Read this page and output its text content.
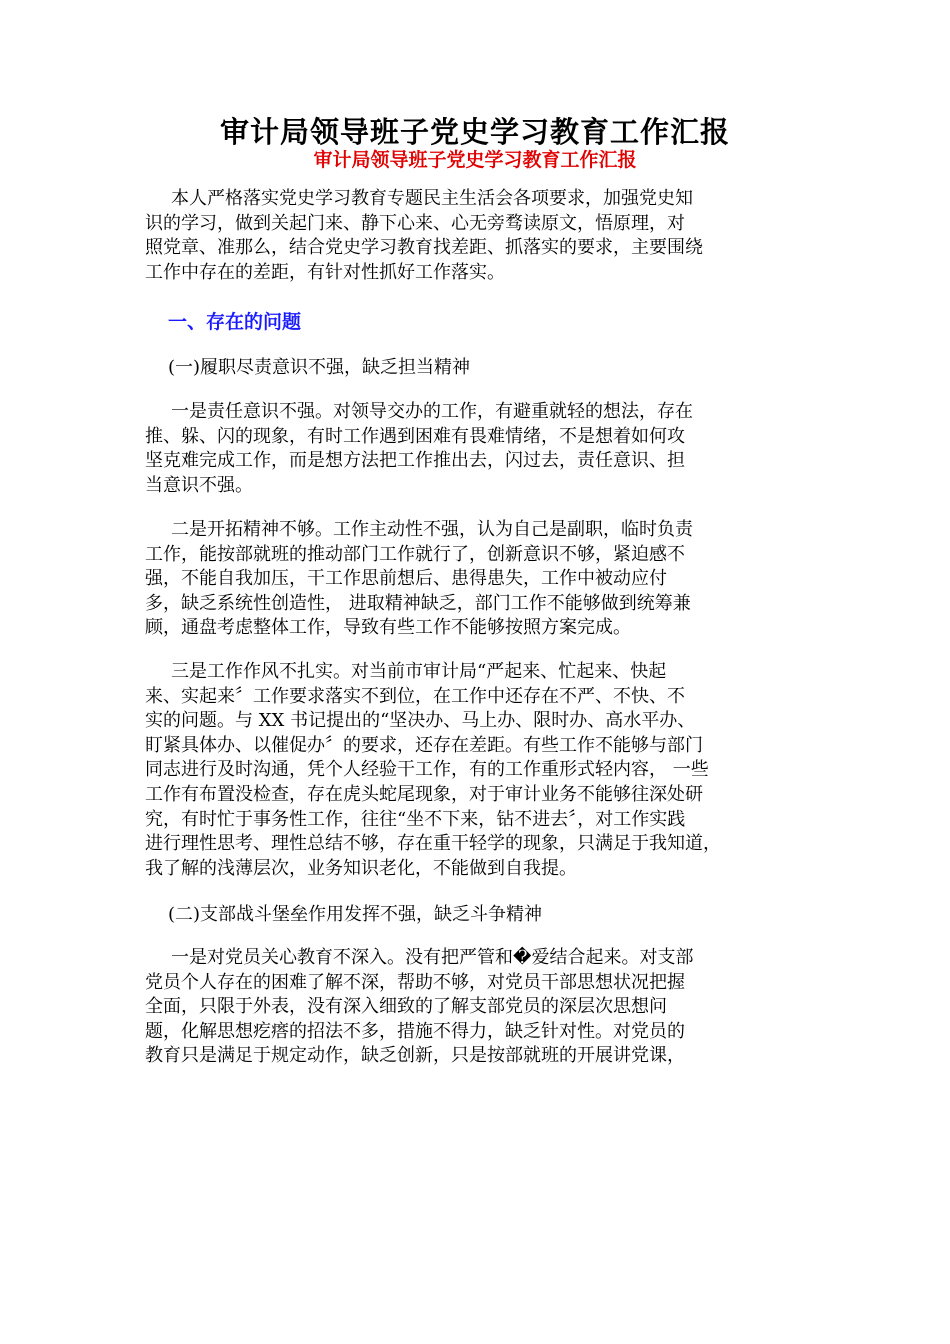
审计局领导班子党史学习教育工作汇报
审计局领导班子党史学习教育工作汇报
本人严格落实党史学习教育专题民主生活会各项要求，加强党史知
识的学习，做到关起门来、静下心来、心无旁骛读原文，悟原理，对
照党章、准那么，结合党史学习教育找差距、抓落实的要求，主要围绕
工作中存在的差距，有针对性抓好工作落实。
一、存在的问题
(一)履职尽责意识不强，缺乏担当精神
一是责任意识不强。对领导交办的工作，有避重就轻的想法，存在
推、躲、闪的现象，有时工作遇到困难有畏难情绪，不是想着如何攻
坚克难完成工作，而是想方法把工作推出去，闪过去，责任意识、担
当意识不强。
二是开拓精神不够。工作主动性不强，认为自己是副职，临时负责
工作，能按部就班的推动部门工作就行了，创新意识不够，紧迫感不
强，不能自我加压，干工作思前想后、患得患失，工作中被动应付
多，缺乏系统性创造性， 进取精神缺乏，部门工作不能够做到统筹兼
顾，通盘考虑整体工作，导致有些工作不能够按照方案完成。
三是工作作风不扎实。对当前市审计局“严起来、忙起来、快起
来、实起来〞工作要求落实不到位，在工作中还存在不严、不快、不
实的问题。与 XX 书记提出的“坚决办、马上办、限时办、高水平办、
盯紧具体办、以催促办〞的要求，还存在差距。有些工作不能够与部门
同志进行及时沟通，凭个人经验干工作，有的工作重形式轻内容， 一些
工作有布置没检查，存在虎头蛇尾现象，对于审计业务不能够往深处研
究，有时忙于事务性工作，往往“坐不下来，钻不进去〞，对工作实践
进行理性思考、理性总结不够，存在重干轻学的现象，只满足于我知道，
我了解的浅薄层次，业务知识老化，不能做到自我提。
(二)支部战斗堡垒作用发挥不强，缺乏斗争精神
一是对党员关心教育不深入。没有把严管和�爱结合起来。对支部
党员个人存在的困难了解不深，帮助不够，对党员干部思想状况把握
全面，只限于外表，没有深入细致的了解支部党员的深层次思想问
题，化解思想疙瘩的招法不多，措施不得力，缺乏针对性。对党员的
教育只是满足于规定动作，缺乏创新，只是按部就班的开展讲党课，
